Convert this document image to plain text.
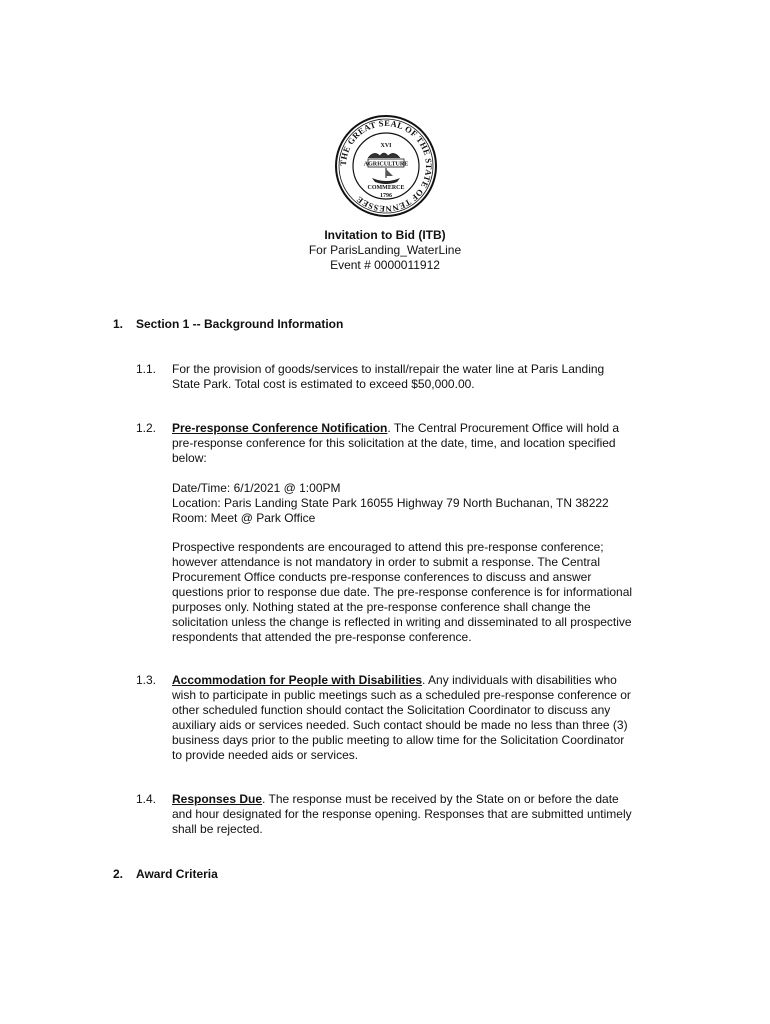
THE GREAT SEAL OF THE STATE OF TENNESSEE
XVI
AGRICULTURE
COMMERCE
1796
Invitation to Bid (ITB)
For ParisLanding_WaterLine
Event # 0000011912
1. Section 1 -- Background Information
1.1. For the provision of goods/services to install/repair the water line at Paris Landing

State Park. Total cost is estimated to exceed $50,000.00.

1.2. Pre-response Conference Notification. The Central Procurement Office will hold a

pre-response conference for this solicitation at the date, time, and location specified

below:

Date/Time: 6/1/2021 @ 1:00PM

Location: Paris Landing State Park 16055 Highway 79 North Buchanan, TN 38222

Room: Meet @ Park Office

Prospective respondents are encouraged to attend this pre-response conference;

however attendance is not mandatory in order to submit a response. The Central

Procurement Office conducts pre-response conferences to discuss and answer

questions prior to response due date. The pre-response conference is for informational

purposes only. Nothing stated at the pre-response conference shall change the

solicitation unless the change is reflected in writing and disseminated to all prospective

respondents that attended the pre-response conference.

1.3. Accommodation for People with Disabilities. Any individuals with disabilities who

wish to participate in public meetings such as a scheduled pre-response conference or

other scheduled function should contact the Solicitation Coordinator to discuss any

auxiliary aids or services needed. Such contact should be made no less than three (3)

business days prior to the public meeting to allow time for the Solicitation Coordinator

to provide needed aids or services.

1.4. Responses Due. The response must be received by the State on or before the date

and hour designated for the response opening. Responses that are submitted untimely

shall be rejected.

2. Award Criteria
